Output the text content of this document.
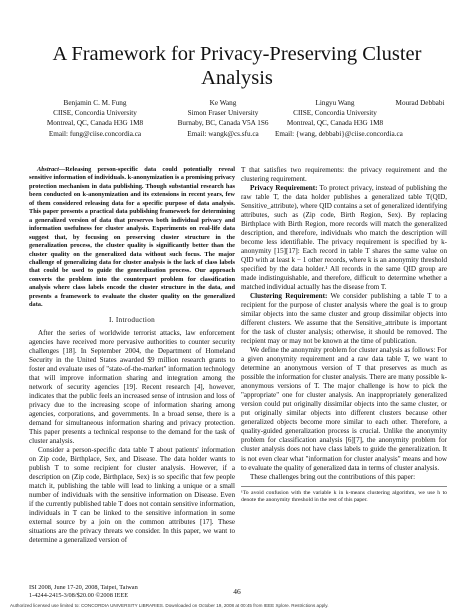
A Framework for Privacy-Preserving Cluster
Analysis
Benjamin C. M. Fung
CIISE, Concordia University
Montreal, QC, Canada H3G 1M8
Email: fung@ciise.concordia.ca
Ke Wang
Simon Fraser University
Burnaby, BC, Canada V5A 1S6
Email: wangk@cs.sfu.ca
Lingyu Wang
CIISE, Concordia University
Montreal, QC, Canada H3G 1M8
Email: {wang, debbabi}@ciise.concordia.ca
Mourad Debbabi

Abstract—Releasing person-specific data could potentially reveal sensitive information of individuals. k-anonymization is a promising privacy protection mechanism in data publishing. Though substantial research has been conducted on k-anonymization and its extensions in recent years, few of them considered releasing data for a specific purpose of data analysis. This paper presents a practical data publishing framework for determining a generalized version of data that preserves both individual privacy and information usefulness for cluster analysis. Experiments on real-life data suggest that, by focusing on preserving cluster structure in the generalization process, the cluster quality is significantly better than the cluster quality on the generalized data without such focus. The major challenge of generalizing data for cluster analysis is the lack of class labels that could be used to guide the generalization process. Our approach converts the problem into the counterpart problem for classification analysis where class labels encode the cluster structure in the data, and presents a framework to evaluate the cluster quality on the generalized data.

I. Introduction

After the series of worldwide terrorist attacks, law enforcement agencies have received more pervasive authorities to counter security challenges [18]. In September 2004, the Department of Homeland Security in the United States awarded $9 million research grants to foster and evaluate uses of "state-of-the-market" information technology that will improve information sharing and integration among the network of security agencies [19]. Recent research [4], however, indicates that the public feels an increased sense of intrusion and loss of privacy due to the increasing scope of information sharing among agencies, corporations, and governments. In a broad sense, there is a demand for simultaneous information sharing and privacy protection. This paper presents a technical response to the demand for the task of cluster analysis.

Consider a person-specific data table T about patients' information on Zip code, Birthplace, Sex, and Disease. The data holder wants to publish T to some recipient for cluster analysis. However, if a description on (Zip code, Birthplace, Sex) is so specific that few people match it, publishing the table will lead to linking a unique or a small number of individuals with the sensitive information on Disease. Even if the currently published table T does not contain sensitive information, individuals in T can be linked to the sensitive information in some external source by a join on the common attributes [17]. These situations are the privacy threats we consider. In this paper, we want to determine a generalized version of

T that satisfies two requirements: the privacy requirement and the clustering requirement.

Privacy Requirement: To protect privacy, instead of publishing the raw table T, the data holder publishes a generalized table T(QID, Sensitive_attribute), where QID contains a set of generalized identifying attributes, such as (Zip code, Birth Region, Sex). By replacing Birthplace with Birth Region, more records will match the generalized description, and therefore, individuals who match the description will become less identifiable. The privacy requirement is specified by k-anonymity [15][17]: Each record in table T shares the same value on QID with at least k − 1 other records, where k is an anonymity threshold specified by the data holder.¹ All records in the same QID group are made indistinguishable, and therefore, difficult to determine whether a matched individual actually has the disease from T.

Clustering Requirement: We consider publishing a table T to a recipient for the purpose of cluster analysis where the goal is to group similar objects into the same cluster and group dissimilar objects into different clusters. We assume that the Sensitive_attribute is important for the task of cluster analysis; otherwise, it should be removed. The recipient may or may not be known at the time of publication.

We define the anonymity problem for cluster analysis as follows: For a given anonymity requirement and a raw data table T, we want to determine an anonymous version of T that preserves as much as possible the information for cluster analysis. There are many possible k-anonymous versions of T. The major challenge is how to pick the "appropriate" one for cluster analysis. An inappropriately generalized version could put originally dissimilar objects into the same cluster, or put originally similar objects into different clusters because other generalized objects become more similar to each other. Therefore, a quality-guided generalization process is crucial. Unlike the anonymity problem for classification analysis [6][7], the anonymity problem for cluster analysis does not have class labels to guide the generalization. It is not even clear what "information for cluster analysis" means and how to evaluate the quality of generalized data in terms of cluster analysis.

These challenges bring out the contributions of this paper:

¹To avoid confusion with the variable k in k-means clustering algorithm, we use h to denote the anonymity threshold in the rest of this paper.
ISI 2008, June 17-20, 2008, Taipei, Taiwan
1-4244-2415-3/08/$20.00 ©2008 IEEE	46
Authorized licensed use limited to: CONCORDIA UNIVERSITY LIBRARIES. Downloaded on October 19, 2008 at 00:45 from IEEE Xplore. Restrictions apply.
